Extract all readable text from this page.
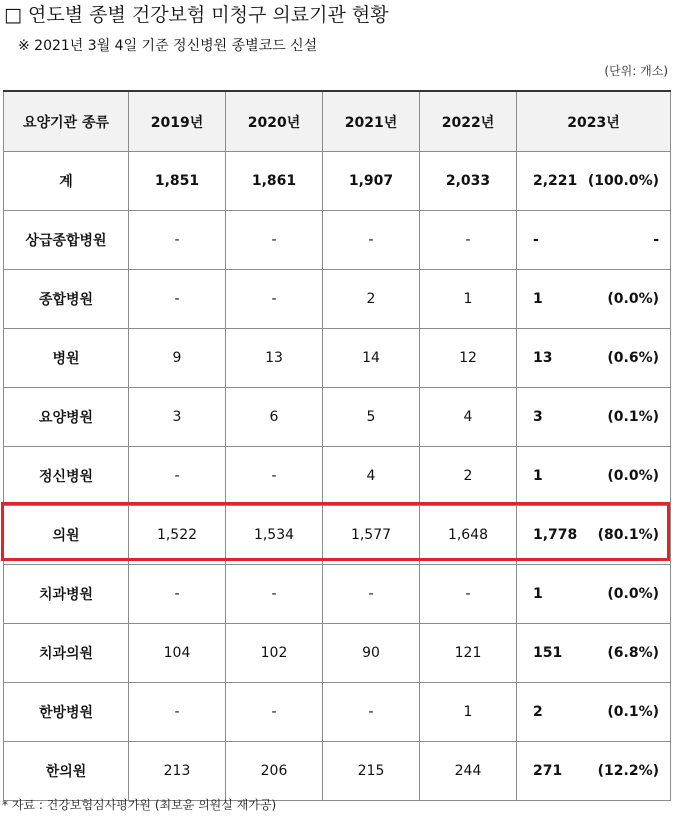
□ 연도별 종별 건강보험 미청구 의료기관 현황
※ 2021년 3월 4일 기준 정신병원 종별코드 신설
(단위: 개소)
요양기관 종류	2019년	2020년	2021년	2022년	2023년
계	1,851	1,861	1,907	2,033	2,221 (100.0%)

상급종합병원	-	-	-	-	- -

종합병원	-	-	2	1	1 (0.0%)

병원	9	13	14	12	13 (0.6%)

요양병원	3	6	5	4	3 (0.1%)

정신병원	-	-	4	2	1 (0.0%)

의원	1,522	1,534	1,577	1,648	1,778 (80.1%)

치과병원	-	-	-	-	1 (0.0%)

치과의원	104	102	90	121	151 (6.8%)

한방병원	-	-	-	1	2 (0.1%)

한의원	213	206	215	244	271 (12.2%)
* 자료 : 건강보험심사평가원 (최보윤 의원실 재가공)
